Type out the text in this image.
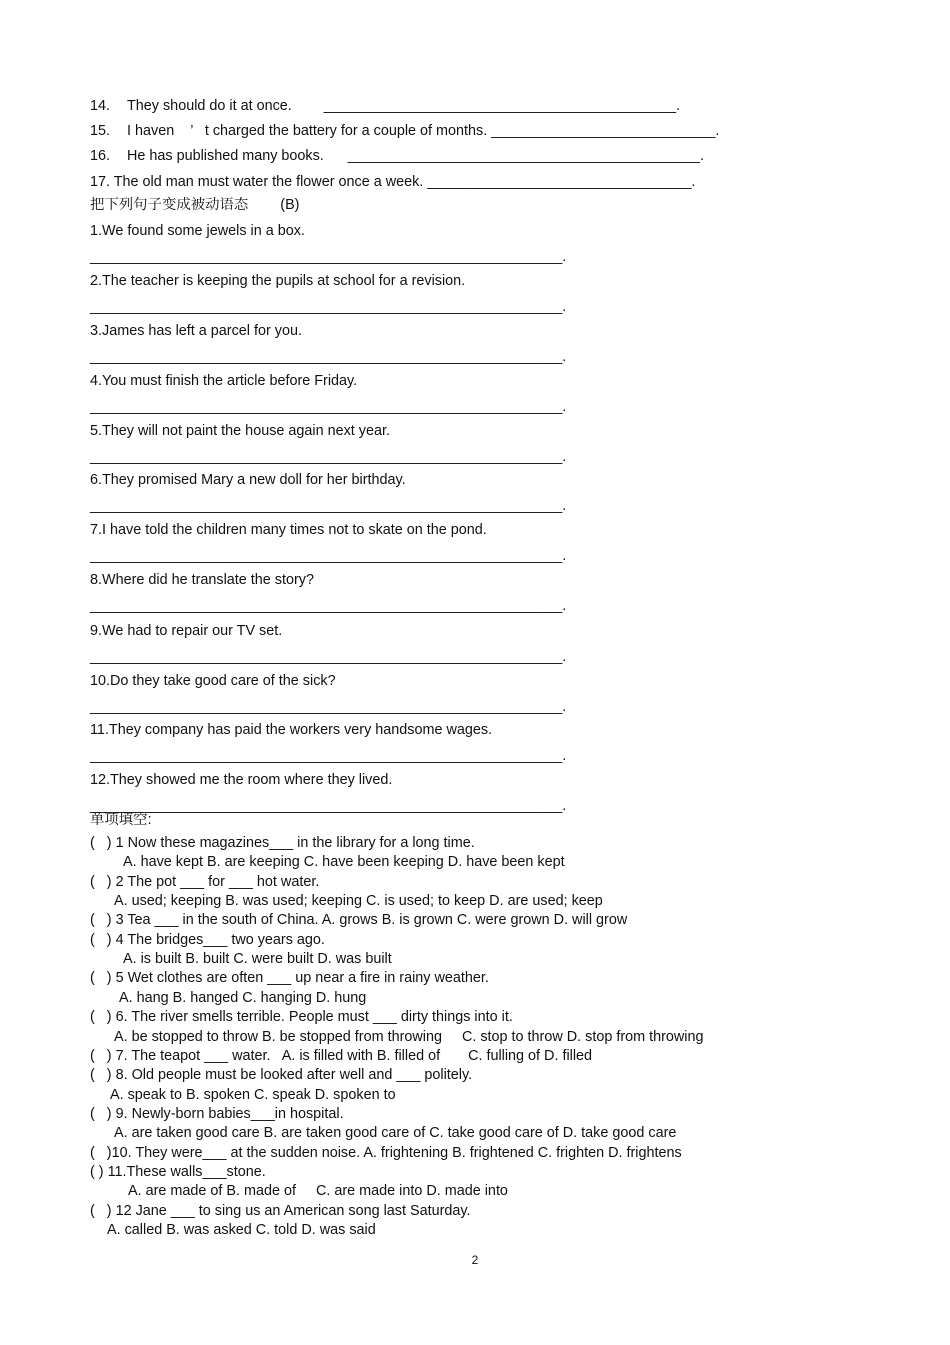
14. They should do it at once. ____________________________________________.
15. I haven    ’   t charged the battery for a couple of months. ____________________________.
16. He has published many books. ____________________________________________.
17. The old man must water the flower once a week. _________________________________.
把下列句子变成被动语态        (B)
1.We found some jewels in a box.
___________________________________________________________.
2.The teacher is keeping the pupils at school for a revision.
___________________________________________________________.
3.James has left a parcel for you.
___________________________________________________________.
4.You must finish the article before Friday.
___________________________________________________________.
5.They will not paint the house again next year.
___________________________________________________________.
6.They promised Mary a new doll for her birthday.
___________________________________________________________.
7.I have told the children many times not to skate on the pond.
___________________________________________________________.
8.Where did he translate the story?
___________________________________________________________.
9.We had to repair our TV set.
___________________________________________________________.
10.Do they take good care of the sick?
___________________________________________________________.
11.They company has paid the workers very handsome wages.
___________________________________________________________.
12.They showed me the room where they lived.
___________________________________________________________.
单项填空:
(   ) 1 Now these magazines___ in the library for a long time.
A. have kept B. are keeping C. have been keeping D. have been kept
(   ) 2 The pot ___ for ___ hot water.
A. used; keeping B. was used; keeping C. is used; to keep D. are used; keep
(   ) 3 Tea ___ in the south of China. A. grows B. is grown C. were grown D. will grow
(   ) 4 The bridges___ two years ago.
A. is built B. built C. were built D. was built
(   ) 5 Wet clothes are often ___ up near a fire in rainy weather.
A. hang B. hanged C. hanging D. hung
(   ) 6. The river smells terrible. People must ___ dirty things into it.
A. be stopped to throw B. be stopped from throwing     C. stop to throw D. stop from throwing
(   ) 7. The teapot ___ water.   A. is filled with B. filled of       C. fulling of D. filled
(   ) 8. Old people must be looked after well and ___ politely.
A. speak to B. spoken C. speak D. spoken to
(   ) 9. Newly-born babies___in hospital.
A. are taken good care B. are taken good care of C. take good care of D. take good care
(   )10. They were___ at the sudden noise. A. frightening B. frightened C. frighten D. frightens
( ) 11.These walls___stone.
A. are made of B. made of     C. are made into D. made into
(   ) 12 Jane ___ to sing us an American song last Saturday.
A. called B. was asked C. told D. was said
2
